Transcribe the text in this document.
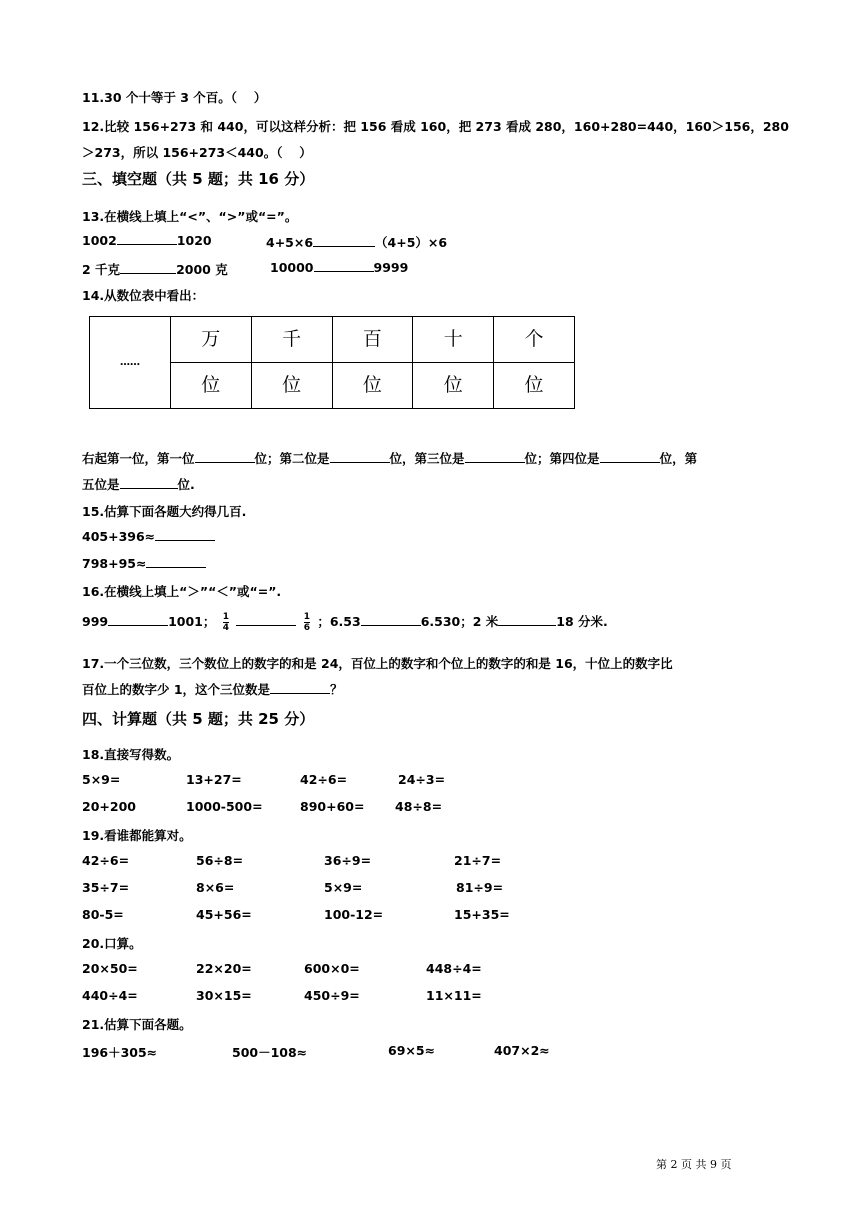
11.30 个十等于 3 个百。（　 ）
12.比较 156+273 和 440，可以这样分析：把 156 看成 160，把 273 看成 280，160+280=440，160＞156，280
＞273，所以 156+273＜440。（　 ）
三、填空题（共 5 题；共 16 分）
13.在横线上填上“<”、“>”或“=”。
1002	1020	4+5×6	（4+5）×6
2 千克	2000 克	10000	9999
14.从数位表中看出：
……	万	千	百	十	个
	位	位	位	位	位
右起第一位，第一位	位；第二位是	位，第三位是	位；第四位是	位，第
五位是	位.
15.估算下面各题大约得几百.
405+396≈
798+95≈
16.在横线上填上“＞”“＜”或“=”.
999	1001； $\frac{1}{4}$	$\frac{1}{6}$ ；6.53	6.530；2 米	18 分米.
17.一个三位数，三个数位上的数字的和是 24，百位上的数字和个位上的数字的和是 16，十位上的数字比
百位上的数字少 1，这个三位数是	？
四、计算题（共 5 题；共 25 分）
18.直接写得数。
5×9=	13+27=	42÷6=	24÷3=
20+200	1000-500=	890+60= 48÷8=
19.看谁都能算对。
42÷6=	56÷8=	36÷9=	21÷7=
35÷7=	8×6=	5×9=	81÷9=
80-5=	45+56=	100-12=	15+35=
20.口算。
20×50=	22×20=	600×0=	448÷4=
440÷4=	30×15=	450÷9=	11×11=
21.估算下面各题。
196＋305≈	500－108≈	69×5≈	407×2≈
第 2 页 共 9 页
